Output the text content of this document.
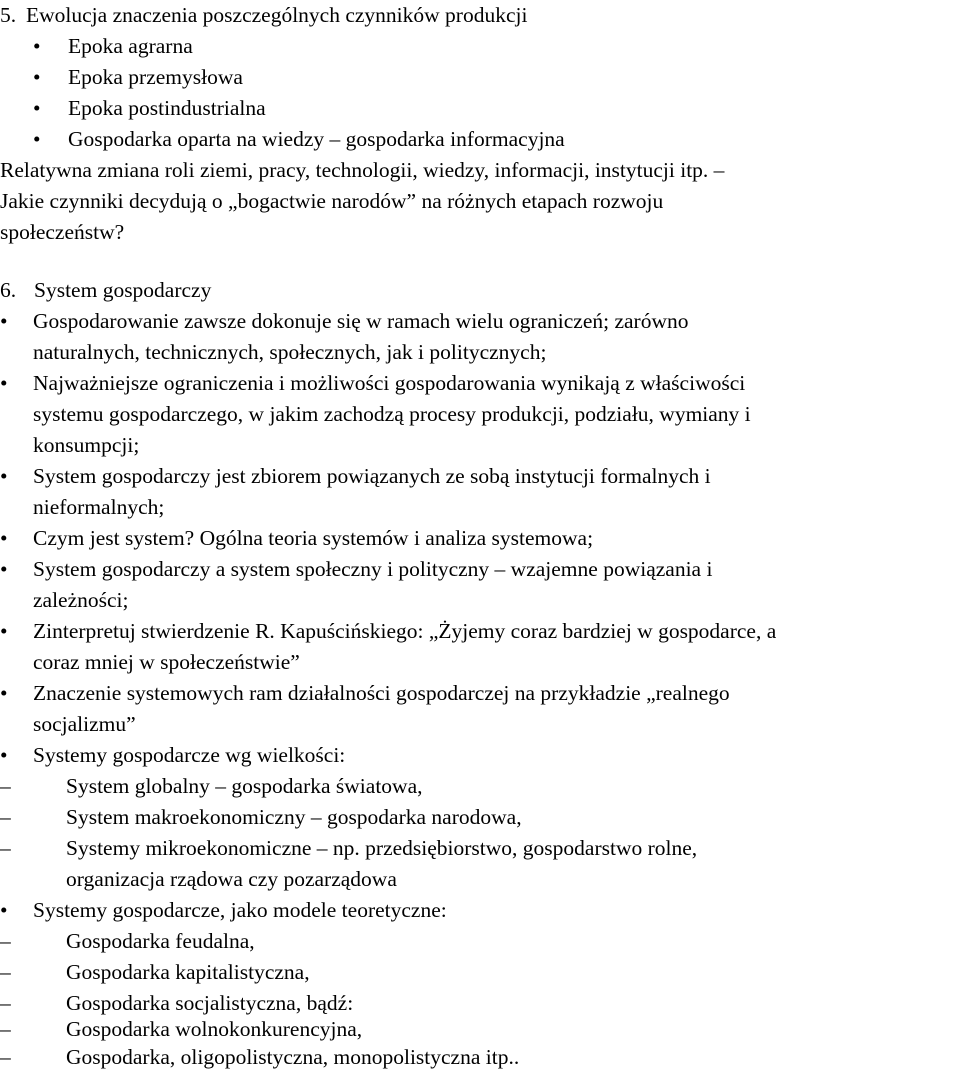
5. Ewolucja znaczenia poszczególnych czynników produkcji
• Epoka agrarna
• Epoka przemysłowa
• Epoka postindustrialna
• Gospodarka oparta na wiedzy – gospodarka informacyjna
Relatywna zmiana roli ziemi, pracy, technologii, wiedzy, informacji, instytucji itp. –
Jakie czynniki decydują o „bogactwie narodów” na różnych etapach rozwoju
społeczeństw?
6. System gospodarczy
• Gospodarowanie zawsze dokonuje się w ramach wielu ograniczeń; zarówno
naturalnych, technicznych, społecznych, jak i politycznych;
• Najważniejsze ograniczenia i możliwości gospodarowania wynikają z właściwości
systemu gospodarczego, w jakim zachodzą procesy produkcji, podziału, wymiany i
konsumpcji;
• System gospodarczy jest zbiorem powiązanych ze sobą instytucji formalnych i
nieformalnych;
• Czym jest system? Ogólna teoria systemów i analiza systemowa;
• System gospodarczy a system społeczny i polityczny – wzajemne powiązania i
zależności;
• Zinterpretuj stwierdzenie R. Kapuścińskiego: „Żyjemy coraz bardziej w gospodarce, a
coraz mniej w społeczeństwie”
• Znaczenie systemowych ram działalności gospodarczej na przykładzie „realnego
socjalizmu”
• Systemy gospodarcze wg wielkości:
–	System globalny – gospodarka światowa,
–	System makroekonomiczny – gospodarka narodowa,
–	Systemy mikroekonomiczne – np. przedsiębiorstwo, gospodarstwo rolne,
organizacja rządowa czy pozarządowa
• Systemy gospodarcze, jako modele teoretyczne:
–	Gospodarka feudalna,
–	Gospodarka kapitalistyczna,
–	Gospodarka socjalistyczna, bądź:
–	Gospodarka wolnokonkurencyjna,
–	Gospodarka, oligopolistyczna, monopolistyczna itp..
